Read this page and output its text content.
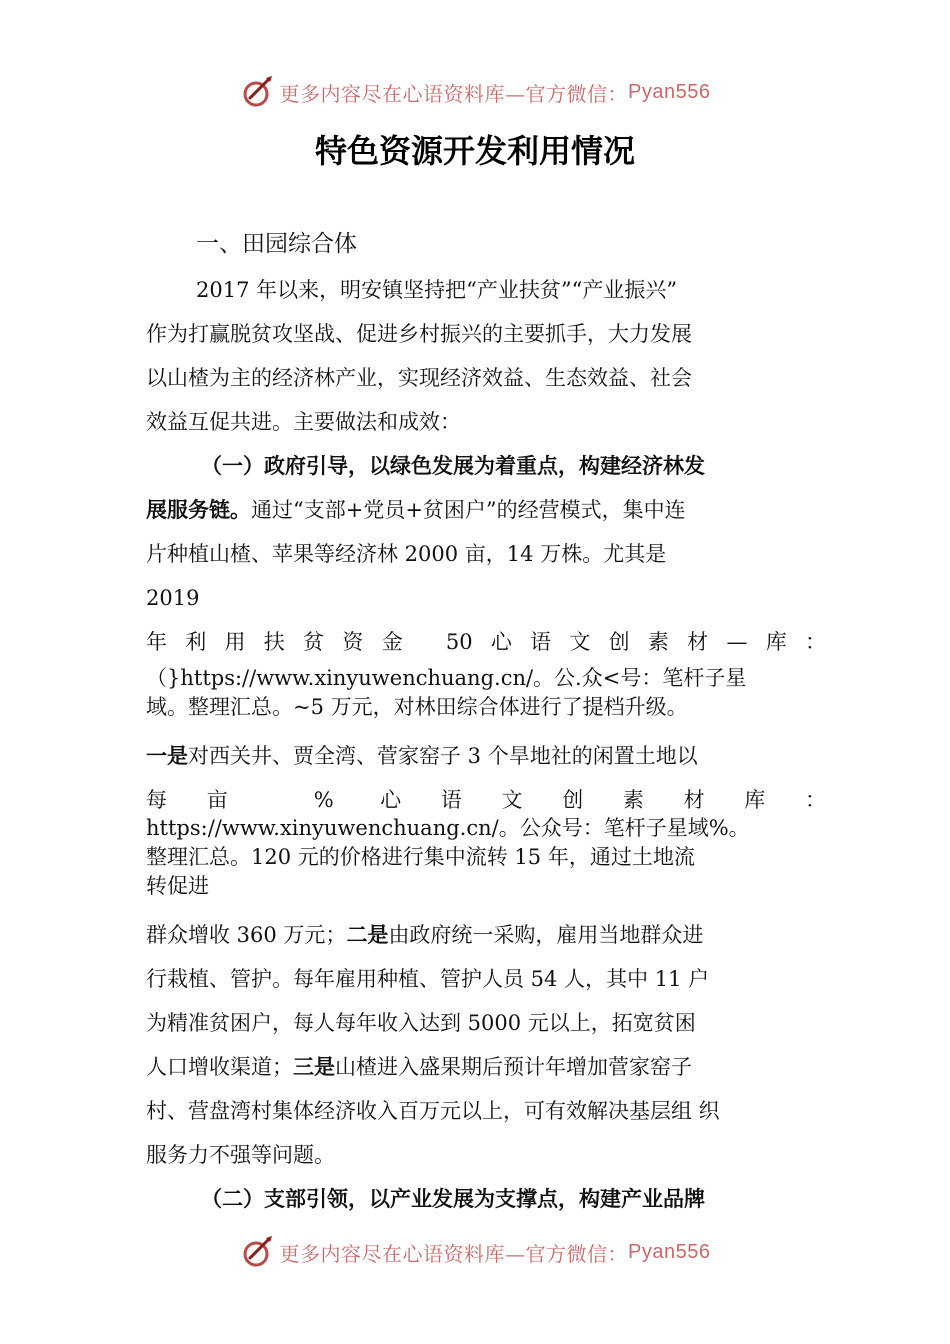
更多内容尽在心语资料库—官方微信： Pyan556
特色资源开发利用情况

一、田园综合体

2017 年以来，明安镇坚持把“产业扶贫”“产业振兴”

作为打赢脱贫攻坚战、促进乡村振兴的主要抓手，大力发展

以山楂为主的经济林产业，实现经济效益、生态效益、社会

效益互促共进。主要做法和成效：

（一）政府引导，以绿色发展为着重点，构建经济林发

展服务链。通过“支部+党员+贫困户”的经营模式，集中连

片种植山楂、苹果等经济林 2000 亩，14 万株。尤其是

2019

年利用扶贫资金 50心语文创素材—库：

（}https://www.xinyuwenchuang.cn/。公.众<号：笔杆子星
域。整理汇总。~5 万元，对林田综合体进行了提档升级。

一是对西关井、贾全湾、菅家窑子 3 个旱地社的闲置土地以

每亩 % 心语文创素材库：

https://www.xinyuwenchuang.cn/。公众号：笔杆子星域%。
整理汇总。120 元的价格进行集中流转 15 年，通过土地流
转促进

群众增收 360 万元；二是由政府统一采购，雇用当地群众进

行栽植、管护。每年雇用种植、管护人员 54 人，其中 11 户

为精准贫困户，每人每年收入达到 5000 元以上，拓宽贫困

人口增收渠道；三是山楂进入盛果期后预计年增加菅家窑子

村、营盘湾村集体经济收入百万元以上，可有效解决基层组 织

服务力不强等问题。

（二）支部引领，以产业发展为支撑点，构建产业品牌

更多内容尽在心语资料库—官方微信： Pyan556
